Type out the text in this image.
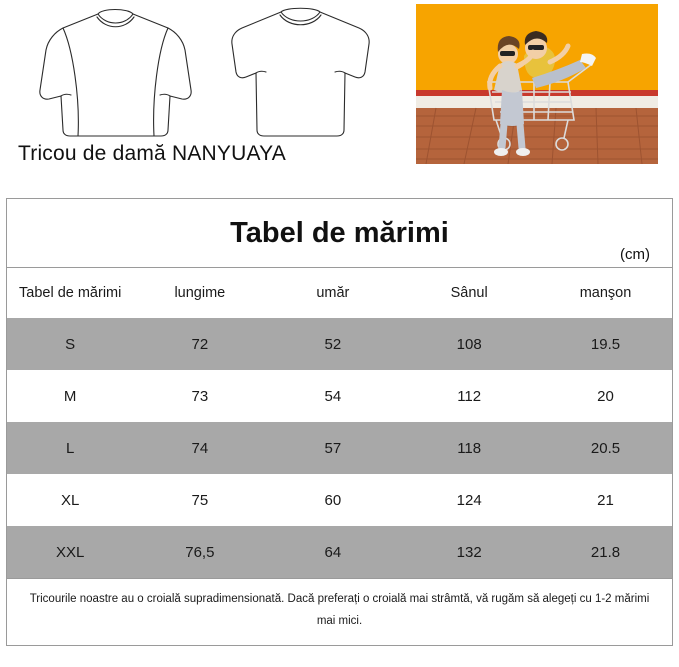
Tricou de damă NANYUAYA
Tabel de mărimi
(cm)
Tabel de mărimi	lungime	umăr	Sânul	manşon
S	72	52	108	19.5
M	73	54	112	20
L	74	57	118	20.5
XL	75	60	124	21
XXL	76,5	64	132	21.8
Tricourile noastre au o croială supradimensionată. Dacă preferați o croială mai strâmtă, vă rugăm să alegeți cu 1-2 mărimi mai mici.
